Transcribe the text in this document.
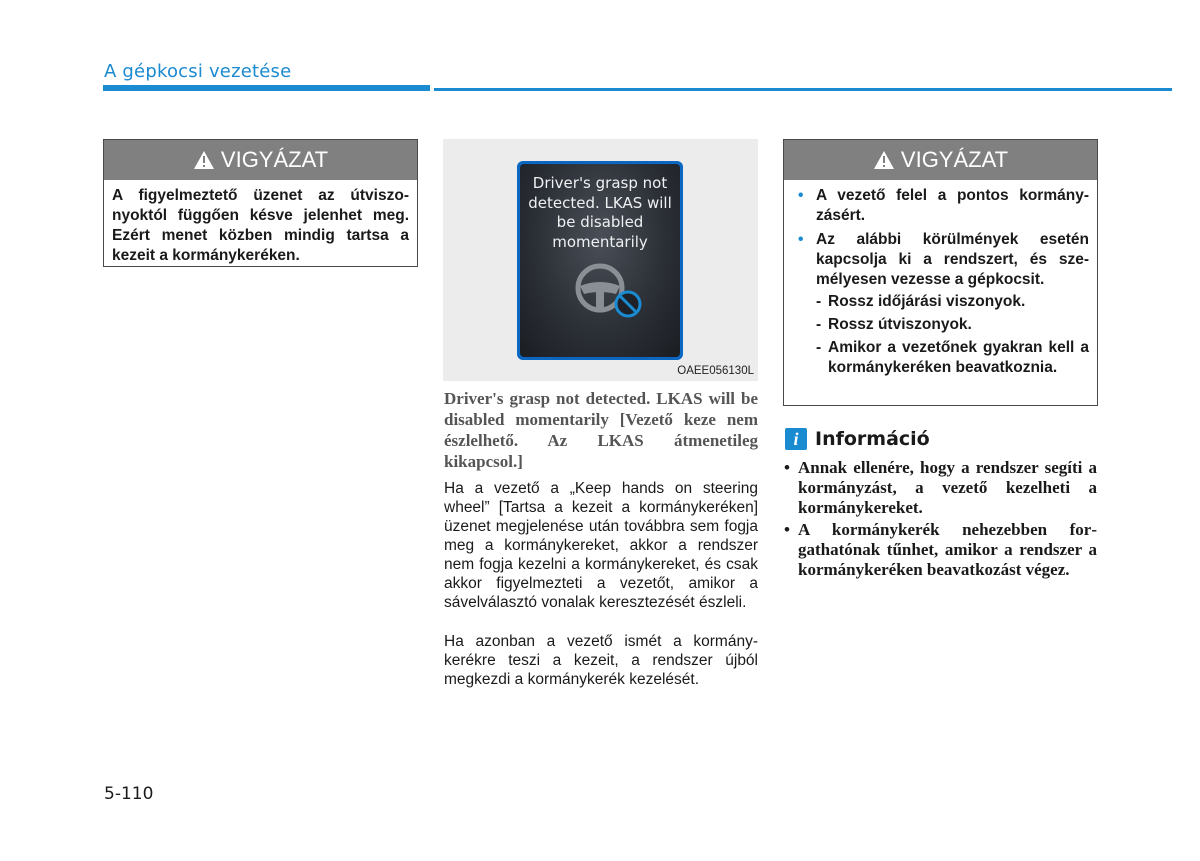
A gépkocsi vezetése
VIGYÁZAT
A figyelmeztető üzenet az útviszonyoktól függően késve jelenhet meg. Ezért menet közben mindig tartsa a kezeit a kormánykeréken.
Driver's grasp not detected. LKAS will be disabled momentarily
OAEE056130L
Driver's grasp not detected. LKAS will be disabled momentarily [Vezető keze nem észlelhető. Az LKAS átmenetileg kikapcsol.]
Ha a vezető a „Keep hands on steering wheel” [Tartsa a kezeit a kormánykeréken] üzenet megjelenése után továbbra sem fogja meg a kormánykereket, akkor a rendszer nem fogja kezelni a kormánykereket, és csak akkor figyelmezteti a vezetőt, amikor a sávelválasztó vonalak keresztezését észleli.
Ha azonban a vezető ismét a kormánykerékre teszi a kezeit, a rendszer újból megkezdi a kormánykerék kezelését.
VIGYÁZAT
• A vezető felel a pontos kormányzásért.
• Az alábbi körülmények esetén kapcsolja ki a rendszert, és személyesen vezesse a gépkocsit.
- Rossz időjárási viszonyok.
- Rossz útviszonyok.
- Amikor a vezetőnek gyakran kell a kormánykeréken beavatkoznia.
i Információ
• Annak ellenére, hogy a rendszer segíti a kormányzást, a vezető kezelheti a kormánykereket.
• A kormánykerék nehezebben forgathatónak tűnhet, amikor a rendszer a kormánykeréken beavatkozást végez.
5-110
